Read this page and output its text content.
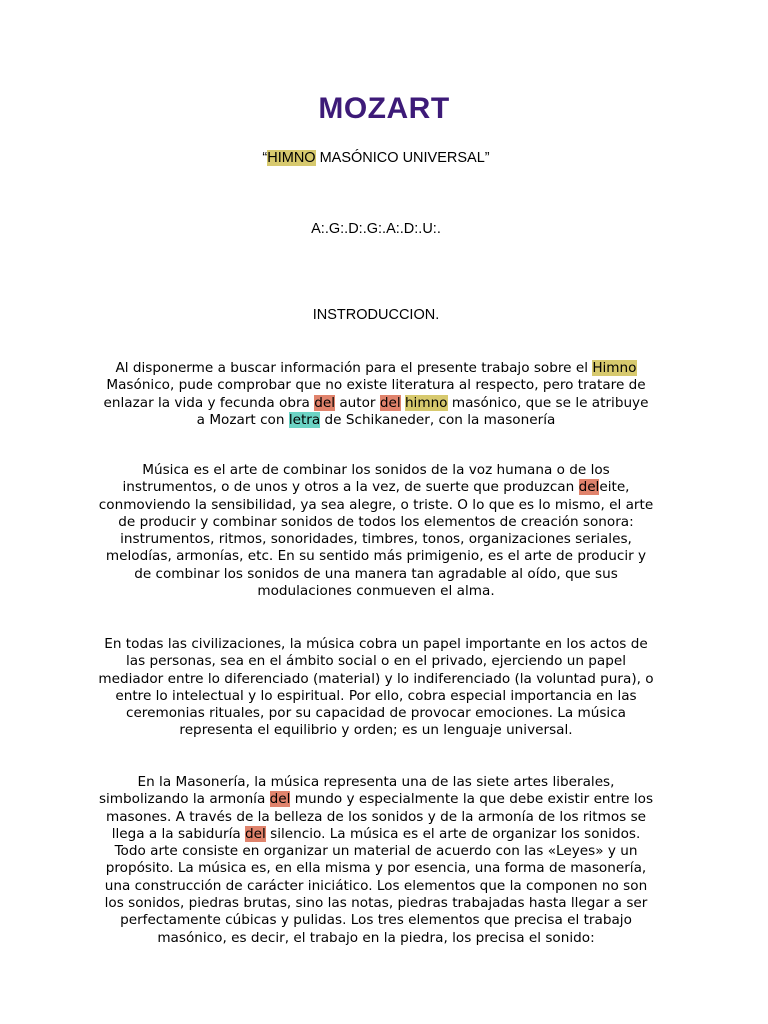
MOZART
“HIMNO MASÓNICO UNIVERSAL”
A:.G:.D:.G:.A:.D:.U:.
INSTRODUCCION.

Al disponerme a buscar información para el presente trabajo sobre el Himno Masónico, pude comprobar que no existe literatura al respecto, pero tratare de enlazar la vida y fecunda obra del autor del himno masónico, que se le atribuye a Mozart con letra de Schikaneder, con la masonería

Música es el arte de combinar los sonidos de la voz humana o de los instrumentos, o de unos y otros a la vez, de suerte que produzcan deleite, conmoviendo la sensibilidad, ya sea alegre, o triste. O lo que es lo mismo, el arte de producir y combinar sonidos de todos los elementos de creación sonora: instrumentos, ritmos, sonoridades, timbres, tonos, organizaciones seriales, melodías, armonías, etc. En su sentido más primigenio, es el arte de producir y de combinar los sonidos de una manera tan agradable al oído, que sus modulaciones conmueven el alma.

En todas las civilizaciones, la música cobra un papel importante en los actos de las personas, sea en el ámbito social o en el privado, ejerciendo un papel mediador entre lo diferenciado (material) y lo indiferenciado (la voluntad pura), o entre lo intelectual y lo espiritual. Por ello, cobra especial importancia en las ceremonias rituales, por su capacidad de provocar emociones. La música representa el equilibrio y orden; es un lenguaje universal.

En la Masonería, la música representa una de las siete artes liberales, simbolizando la armonía del mundo y especialmente la que debe existir entre los masones. A través de la belleza de los sonidos y de la armonía de los ritmos se llega a la sabiduría del silencio. La música es el arte de organizar los sonidos. Todo arte consiste en organizar un material de acuerdo con las «Leyes» y un propósito. La música es, en ella misma y por esencia, una forma de masonería, una construcción de carácter iniciático. Los elementos que la componen no son los sonidos, piedras brutas, sino las notas, piedras trabajadas hasta llegar a ser perfectamente cúbicas y pulidas. Los tres elementos que precisa el trabajo masónico, es decir, el trabajo en la piedra, los precisa el sonido:
